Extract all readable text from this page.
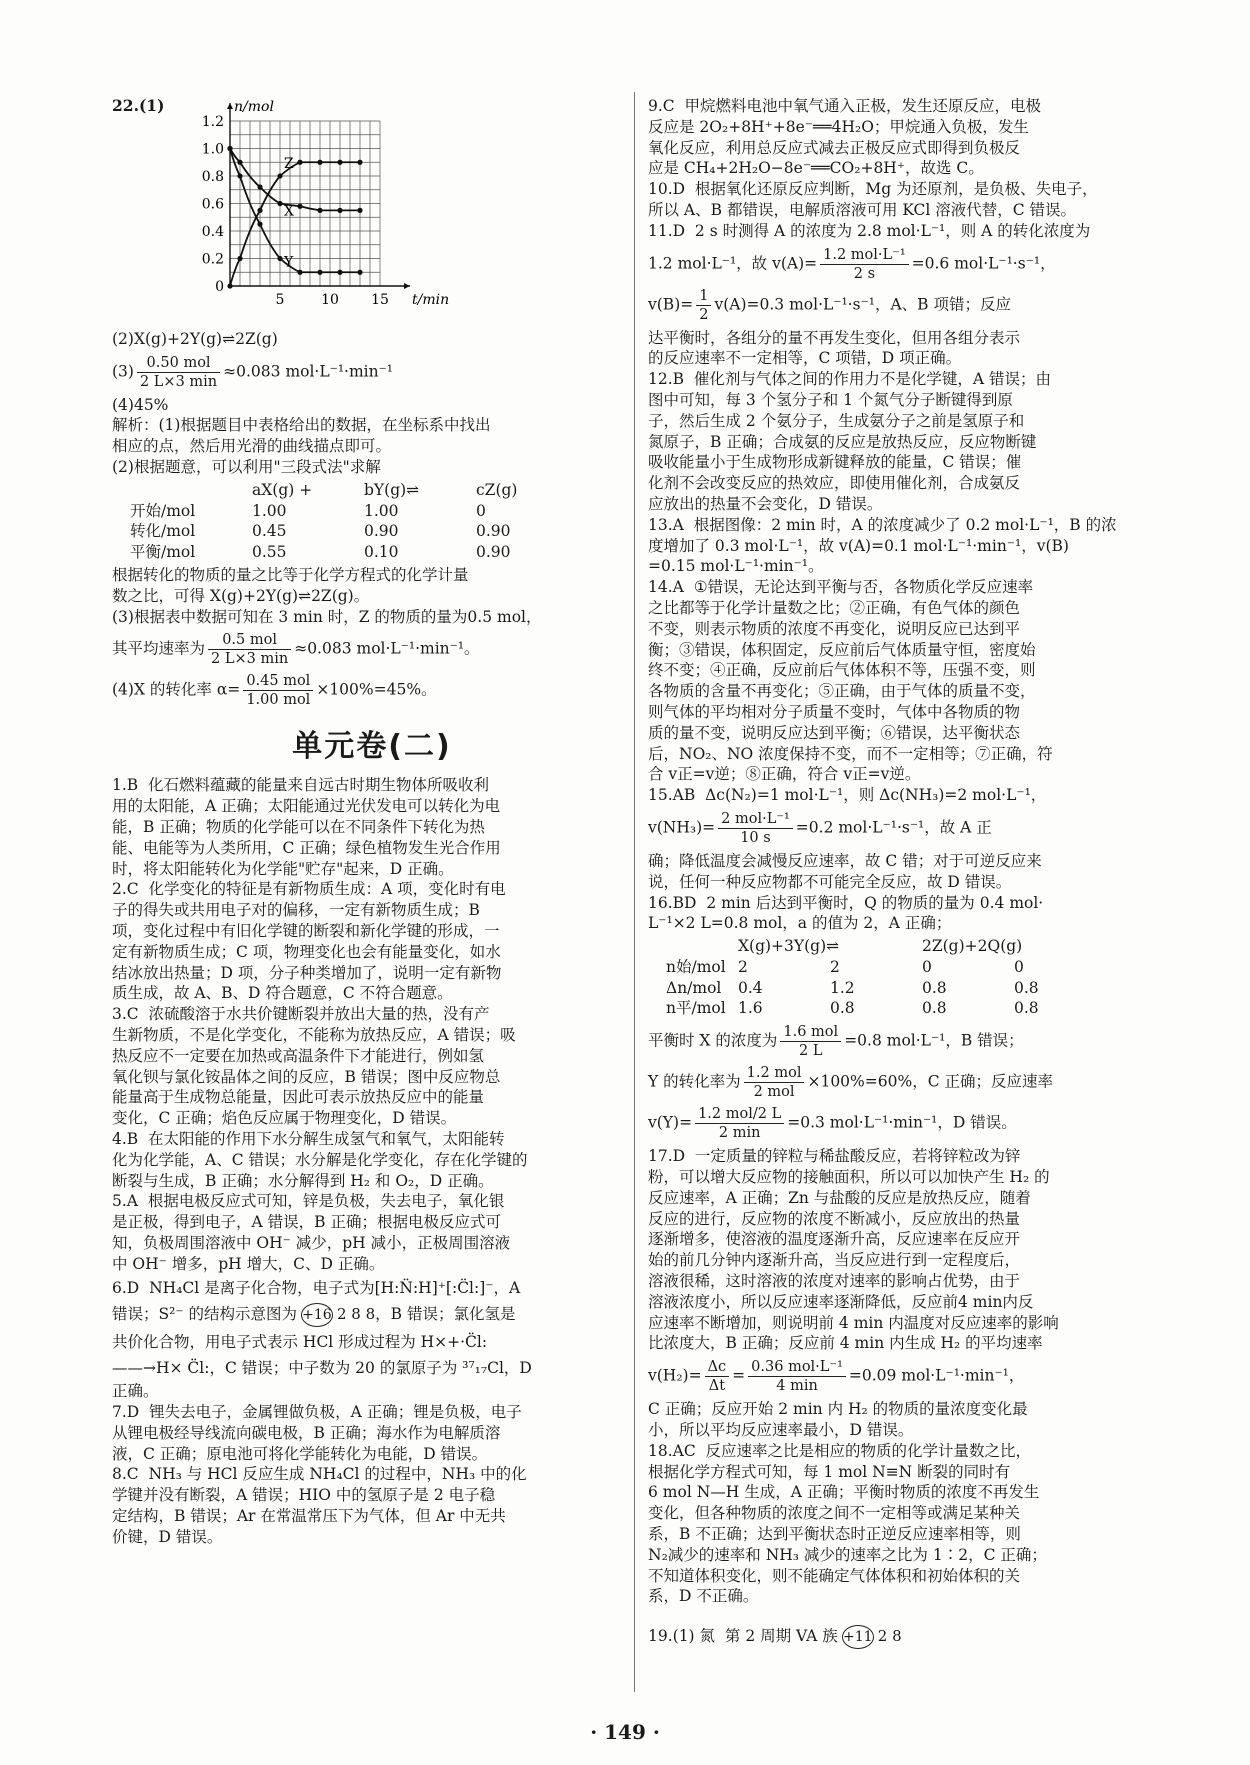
22.(1)

(2)X(g)+2Y(g)⇌2Z(g)

$(3) \frac{\text{0.50 mol}}{2 L\times 3 \min} \approx 0.083$ mol·L⁻¹·min⁻¹

(4)45%

解析：(1)根据题目中表格给出的数据，在坐标系中找出

相应的点，然后用光滑的曲线描点即可。

(2)根据题意，可以利用"三段式法"求解

	aX(g) +	bY(g)⇌	cZ(g)
开始/mol	1.00	1.00	0
转化/mol	0.45	0.90	0.90
平衡/mol	0.55	0.10	0.90

根据转化的物质的量之比等于化学方程式的化学计量

数之比，可得 X(g)+2Y(g)⇌2Z(g)。

(3)根据表中数据可知在 3 min 时，Z 的物质的量为0.5 mol，

其平均速率为 $\frac{\text{0.5 mol}}{2 L\times 3 \min} \approx 0.083$ mol·L⁻¹·min⁻¹。
(4)X 的转化率 $\alpha= \frac{\text{0.45 mol}}{\text{1.00 mol}} \times 100\%=45\%$。
单元卷(二)

1.B  化石燃料蕴藏的能量来自远古时期生物体所吸收利

用的太阳能，A 正确；太阳能通过光伏发电可以转化为电

能，B 正确；物质的化学能可以在不同条件下转化为热

能、电能等为人类所用，C 正确；绿色植物发生光合作用

时，将太阳能转化为化学能"贮存"起来，D 正确。

2.C  化学变化的特征是有新物质生成：A 项，变化时有电

子的得失或共用电子对的偏移，一定有新物质生成；B

项，变化过程中有旧化学键的断裂和新化学键的形成，一

定有新物质生成；C 项，物理变化也会有能量变化，如水

结冰放出热量；D 项，分子种类增加了，说明一定有新物

质生成，故 A、B、D 符合题意，C 不符合题意。

3.C  浓硫酸溶于水共价键断裂并放出大量的热，没有产

生新物质，不是化学变化，不能称为放热反应，A 错误；吸

热反应不一定要在加热或高温条件下才能进行，例如氢

氧化钡与氯化铵晶体之间的反应，B 错误；图中反应物总

能量高于生成物总能量，因此可表示放热反应中的能量

变化，C 正确；焰色反应属于物理变化，D 错误。

4.B  在太阳能的作用下水分解生成氢气和氧气，太阳能转

化为化学能，A、C 错误；水分解是化学变化，存在化学键的

断裂与生成，B 正确；水分解得到 H₂ 和 O₂，D 正确。

5.A  根据电极反应式可知，锌是负极，失去电子，氧化银

是正极，得到电子，A 错误，B 正确；根据电极反应式可

知，负极周围溶液中 OH⁻ 减少，pH 减小，正极周围溶液

中 OH⁻ 增多，pH 增大，C、D 正确。

6.D  NH₄Cl 是离子化合物，电子式为[H:N̈:H]⁺[:C̈l:]⁻，A

错误；S²⁻ 的结构示意图为 +16 2 8 8，B 错误；氯化氢是

共价化合物，用电子式表示 HCl 形成过程为 H×+·C̈l:

——→H× C̈l:，C 错误；中子数为 20 的氯原子为 ³⁷₁₇Cl，D

正确。

7.D  锂失去电子，金属锂做负极，A 正确；锂是负极，电子

从锂电极经导线流向碳电极，B 正确；海水作为电解质溶

液，C 正确；原电池可将化学能转化为电能，D 错误。

8.C  NH₃ 与 HCl 反应生成 NH₄Cl 的过程中，NH₃ 中的化

学键并没有断裂，A 错误；HIO 中的氢原子是 2 电子稳

定结构，B 错误；Ar 在常温常压下为气体，但 Ar 中无共

价键，D 错误。

0
0.2
0.4
0.6
0.8
1.0
1.2
5	10 15
n/mol
t/min
Z
X
Y

9.C  甲烷燃料电池中氧气通入正极，发生还原反应，电极

反应是 2O₂+8H⁺+8e⁻══4H₂O；甲烷通入负极，发生

氧化反应，利用总反应式减去正极反应式即得到负极反

应是 CH₄+2H₂O−8e⁻══CO₂+8H⁺，故选 C。

10.D  根据氧化还原反应判断，Mg 为还原剂，是负极、失电子，

所以 A、B 都错误，电解质溶液可用 KCl 溶液代替，C 错误。

11.D  2 s 时测得 A 的浓度为 2.8 mol·L⁻¹，则 A 的转化浓度为

1.2 mol·L⁻¹，故 $v(A)= \frac{\text{1.2 mol·L⁻¹}}{2 s} =0.6$ mol·L⁻¹·s⁻¹，
$v(B)= \frac{1}{2} v(A)=0.3$ mol·L⁻¹·s⁻¹，A、B 项错；反应

达平衡时，各组分的量不再发生变化，但用各组分表示

的反应速率不一定相等，C 项错，D 项正确。

12.B  催化剂与气体之间的作用力不是化学键，A 错误；由

图中可知，每 3 个氢分子和 1 个氮气分子断键得到原

子，然后生成 2 个氨分子，生成氨分子之前是氢原子和

氮原子，B 正确；合成氨的反应是放热反应，反应物断键

吸收能量小于生成物形成新键释放的能量，C 错误；催

化剂不会改变反应的热效应，即使用催化剂，合成氨反

应放出的热量不会变化，D 错误。

13.A  根据图像：2 min 时，A 的浓度减少了 0.2 mol·L⁻¹，B 的浓

度增加了 0.3 mol·L⁻¹，故 v(A)=0.1 mol·L⁻¹·min⁻¹，v(B)

=0.15 mol·L⁻¹·min⁻¹。

14.A  ①错误，无论达到平衡与否，各物质化学反应速率

之比都等于化学计量数之比；②正确，有色气体的颜色

不变，则表示物质的浓度不再变化，说明反应已达到平

衡；③错误，体积固定，反应前后气体质量守恒，密度始

终不变；④正确，反应前后气体体积不等，压强不变，则

各物质的含量不再变化；⑤正确，由于气体的质量不变，

则气体的平均相对分子质量不变时，气体中各物质的物

质的量不变，说明反应达到平衡；⑥错误，达平衡状态

后，NO₂、NO 浓度保持不变，而不一定相等；⑦正确，符

合 v正=v逆；⑧正确，符合 v正=v逆。

15.AB  Δc(N₂)=1 mol·L⁻¹，则 Δc(NH₃)=2 mol·L⁻¹，

$v(NH_3)= \frac{\text{2 mol·L⁻¹}}{10 s} =0.2$ mol·L⁻¹·s⁻¹，故 A 正

确；降低温度会减慢反应速率，故 C 错；对于可逆反应来

说，任何一种反应物都不可能完全反应，故 D 错误。

16.BD  2 min 后达到平衡时，Q 的物质的量为 0.4 mol·

L⁻¹×2 L=0.8 mol，a 的值为 2，A 正确；

	X(g)+3Y(g)⇌		2Z(g)+2Q(g)	
n始/mol	2	2	0	0
Δn/mol	0.4	1.2	0.8	0.8
n平/mol	1.6	0.8	0.8	0.8
平衡时 X 的浓度为 $\frac{\text{1.6 mol}}{2 L} =0.8$ mol·L⁻¹，B 错误；
Y 的转化率为 $\frac{\text{1.2 mol}}{\text{2 mol}} \times 100\%=60\%$，C 正确；反应速率
$v(Y)= \frac{\text{1.2 mol/2 L}}{2 \min} =0.3$ mol·L⁻¹·min⁻¹，D 错误。

17.D  一定质量的锌粒与稀盐酸反应，若将锌粒改为锌

粉，可以增大反应物的接触面积，所以可以加快产生 H₂ 的

反应速率，A 正确；Zn 与盐酸的反应是放热反应，随着

反应的进行，反应物的浓度不断减小，反应放出的热量

逐渐增多，使溶液的温度逐渐升高，反应速率在反应开

始的前几分钟内逐渐升高，当反应进行到一定程度后，

溶液很稀，这时溶液的浓度对速率的影响占优势，由于

溶液浓度小，所以反应速率逐渐降低，反应前4 min内反

应速率不断增加，则说明前 4 min 内温度对反应速率的影响

比浓度大，B 正确；反应前 4 min 内生成 H₂ 的平均速率

$v(H_2)= \frac{\Delta c}{\Delta t} = \frac{\text{0.36 mol·L⁻¹}}{4 \min} =0.09$ mol·L⁻¹·min⁻¹，

C 正确；反应开始 2 min 内 H₂ 的物质的量浓度变化最

小，所以平均反应速率最小，D 错误。

18.AC  反应速率之比是相应的物质的化学计量数之比，

根据化学方程式可知，每 1 mol N≡N 断裂的同时有

6 mol N—H 生成，A 正确；平衡时物质的浓度不再发生

变化，但各种物质的浓度之间不一定相等或满足某种关

系，B 不正确；达到平衡状态时正逆反应速率相等，则

N₂减少的速率和 NH₃ 减少的速率之比为 1∶2，C 正确；

不知道体积变化，则不能确定气体体积和初始体积的关

系，D 不正确。

19.(1) 氮  第 2 周期 VA 族 +11 2 8

· 149 ·
